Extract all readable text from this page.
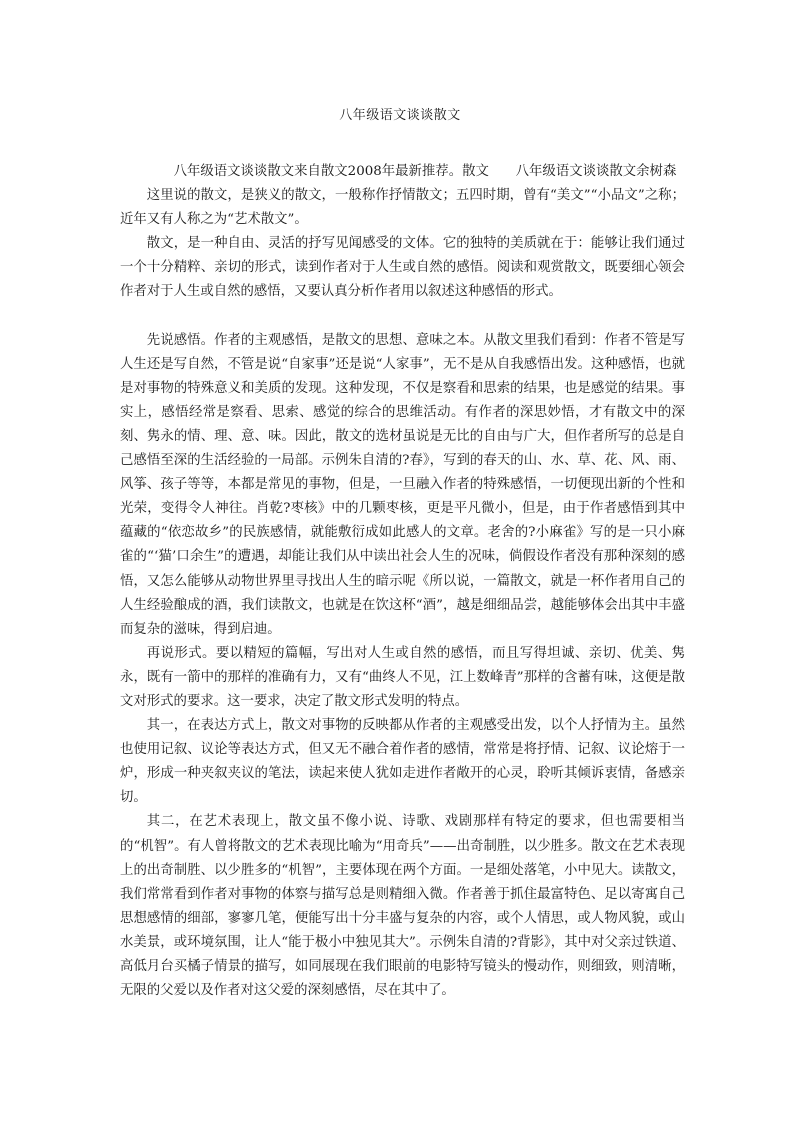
八年级语文谈谈散文

八年级语文谈谈散文来自散文2008年最新推荐。散文　　八年级语文谈谈散文余树森

这里说的散文，是狭义的散文，一般称作抒情散文；五四时期，曾有“美文”“小品文”之称；近年又有人称之为“艺术散文”。

散文，是一种自由、灵活的抒写见闻感受的文体。它的独特的美质就在于：能够让我们通过一个十分精粹、亲切的形式，读到作者对于人生或自然的感悟。阅读和观赏散文，既要细心领会作者对于人生或自然的感悟，又要认真分析作者用以叙述这种感悟的形式。

先说感悟。作者的主观感悟，是散文的思想、意味之本。从散文里我们看到：作者不管是写人生还是写自然，不管是说“自家事”还是说“人家事”，无不是从自我感悟出发。这种感悟，也就是对事物的特殊意义和美质的发现。这种发现，不仅是察看和思索的结果，也是感觉的结果。事实上，感悟经常是察看、思索、感觉的综合的思维活动。有作者的深思妙悟，才有散文中的深刻、隽永的情、理、意、味。因此，散文的选材虽说是无比的自由与广大，但作者所写的总是自己感悟至深的生活经验的一局部。示例朱自清的?春》，写到的春天的山、水、草、花、风、雨、风筝、孩子等等，本都是常见的事物，但是，一旦融入作者的特殊感悟，一切便现出新的个性和光荣，变得令人神往。肖乾?枣核》中的几颗枣核，更是平凡微小，但是，由于作者感悟到其中蕴藏的“依恋故乡”的民族感情，就能敷衍成如此感人的文章。老舍的?小麻雀》写的是一只小麻雀的“‘猫’口余生”的遭遇，却能让我们从中读出社会人生的况味，倘假设作者没有那种深刻的感悟，又怎么能够从动物世界里寻找出人生的暗示呢《所以说，一篇散文，就是一杯作者用自己的人生经验酿成的酒，我们读散文，也就是在饮这杯“酒”，越是细细品尝，越能够体会出其中丰盛而复杂的滋味，得到启迪。

再说形式。要以精短的篇幅，写出对人生或自然的感悟，而且写得坦诚、亲切、优美、隽永，既有一箭中的那样的准确有力，又有“曲终人不见，江上数峰青”那样的含蓄有味，这便是散文对形式的要求。这一要求，决定了散文形式发明的特点。

其一，在表达方式上，散文对事物的反映都从作者的主观感受出发，以个人抒情为主。虽然也使用记叙、议论等表达方式，但又无不融合着作者的感情，常常是将抒情、记叙、议论熔于一炉，形成一种夹叙夹议的笔法，读起来使人犹如走进作者敞开的心灵，聆听其倾诉衷情，备感亲切。

其二，在艺术表现上，散文虽不像小说、诗歌、戏剧那样有特定的要求，但也需要相当的“机智”。有人曾将散文的艺术表现比喻为“用奇兵”——出奇制胜，以少胜多。散文在艺术表现上的出奇制胜、以少胜多的“机智”，主要体现在两个方面。一是细处落笔，小中见大。读散文，我们常常看到作者对事物的体察与描写总是则精细入微。作者善于抓住最富特色、足以寄寓自己思想感情的细部，寥寥几笔，便能写出十分丰盛与复杂的内容，或个人情思，或人物风貌，或山水美景，或环境氛围，让人“能于极小中独见其大”。示例朱自清的?背影》，其中对父亲过铁道、高低月台买橘子情景的描写，如同展现在我们眼前的电影特写镜头的慢动作，则细致，则清晰，无限的父爱以及作者对这父爱的深刻感悟，尽在其中了。
